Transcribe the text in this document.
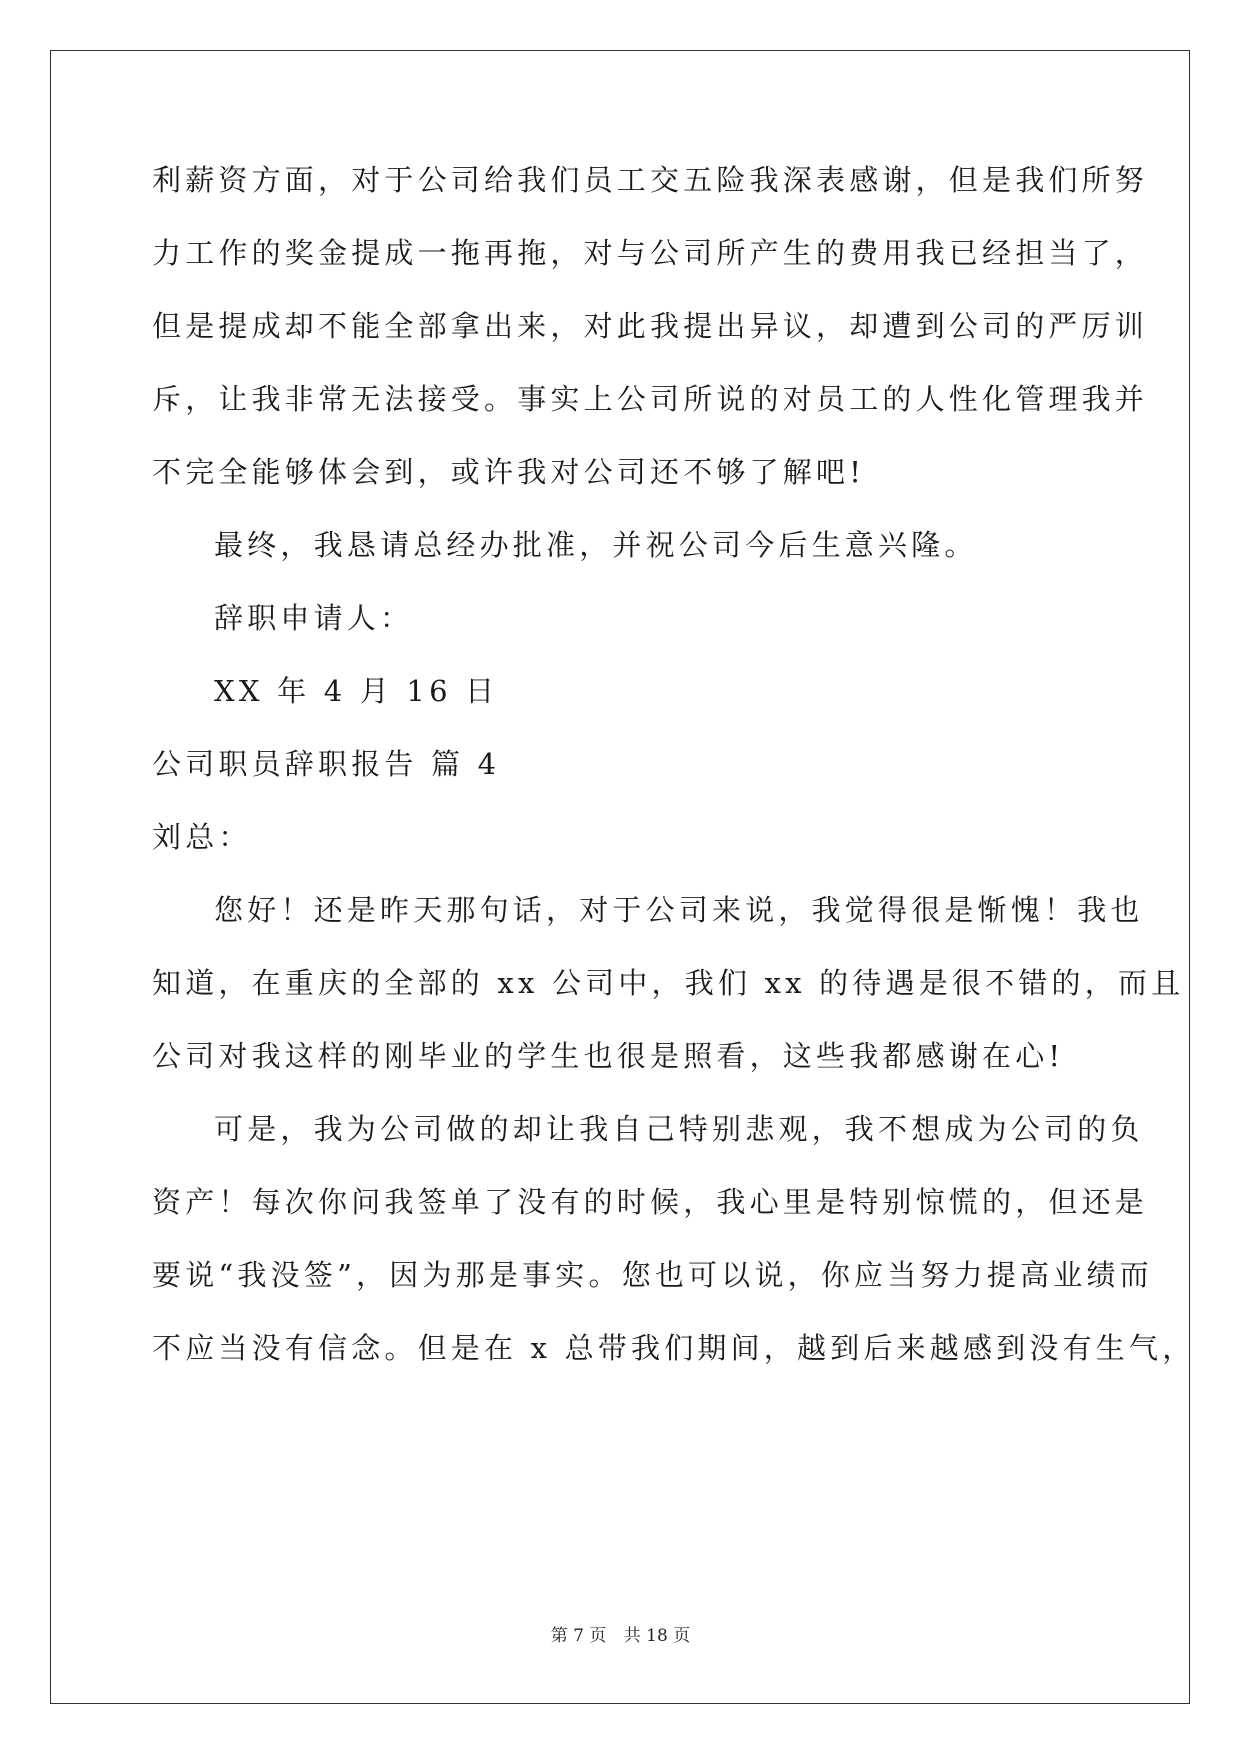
利薪资方面，对于公司给我们员工交五险我深表感谢，但是我们所努
力工作的奖金提成一拖再拖，对与公司所产生的费用我已经担当了，
但是提成却不能全部拿出来，对此我提出异议，却遭到公司的严厉训
斥，让我非常无法接受。事实上公司所说的对员工的人性化管理我并
不完全能够体会到，或许我对公司还不够了解吧!
最终，我恳请总经办批准，并祝公司今后生意兴隆。
辞职申请人：
XX 年 4 月 16 日
公司职员辞职报告 篇 4
刘总：
您好！还是昨天那句话，对于公司来说，我觉得很是惭愧！我也
知道，在重庆的全部的 xx 公司中，我们 xx 的待遇是很不错的，而且
公司对我这样的刚毕业的学生也很是照看，这些我都感谢在心!
可是，我为公司做的却让我自己特别悲观，我不想成为公司的负
资产！每次你问我签单了没有的时候，我心里是特别惊慌的，但还是
要说“我没签”，因为那是事实。您也可以说，你应当努力提高业绩而
不应当没有信念。但是在 x 总带我们期间，越到后来越感到没有生气，
第 7 页 共 18 页
